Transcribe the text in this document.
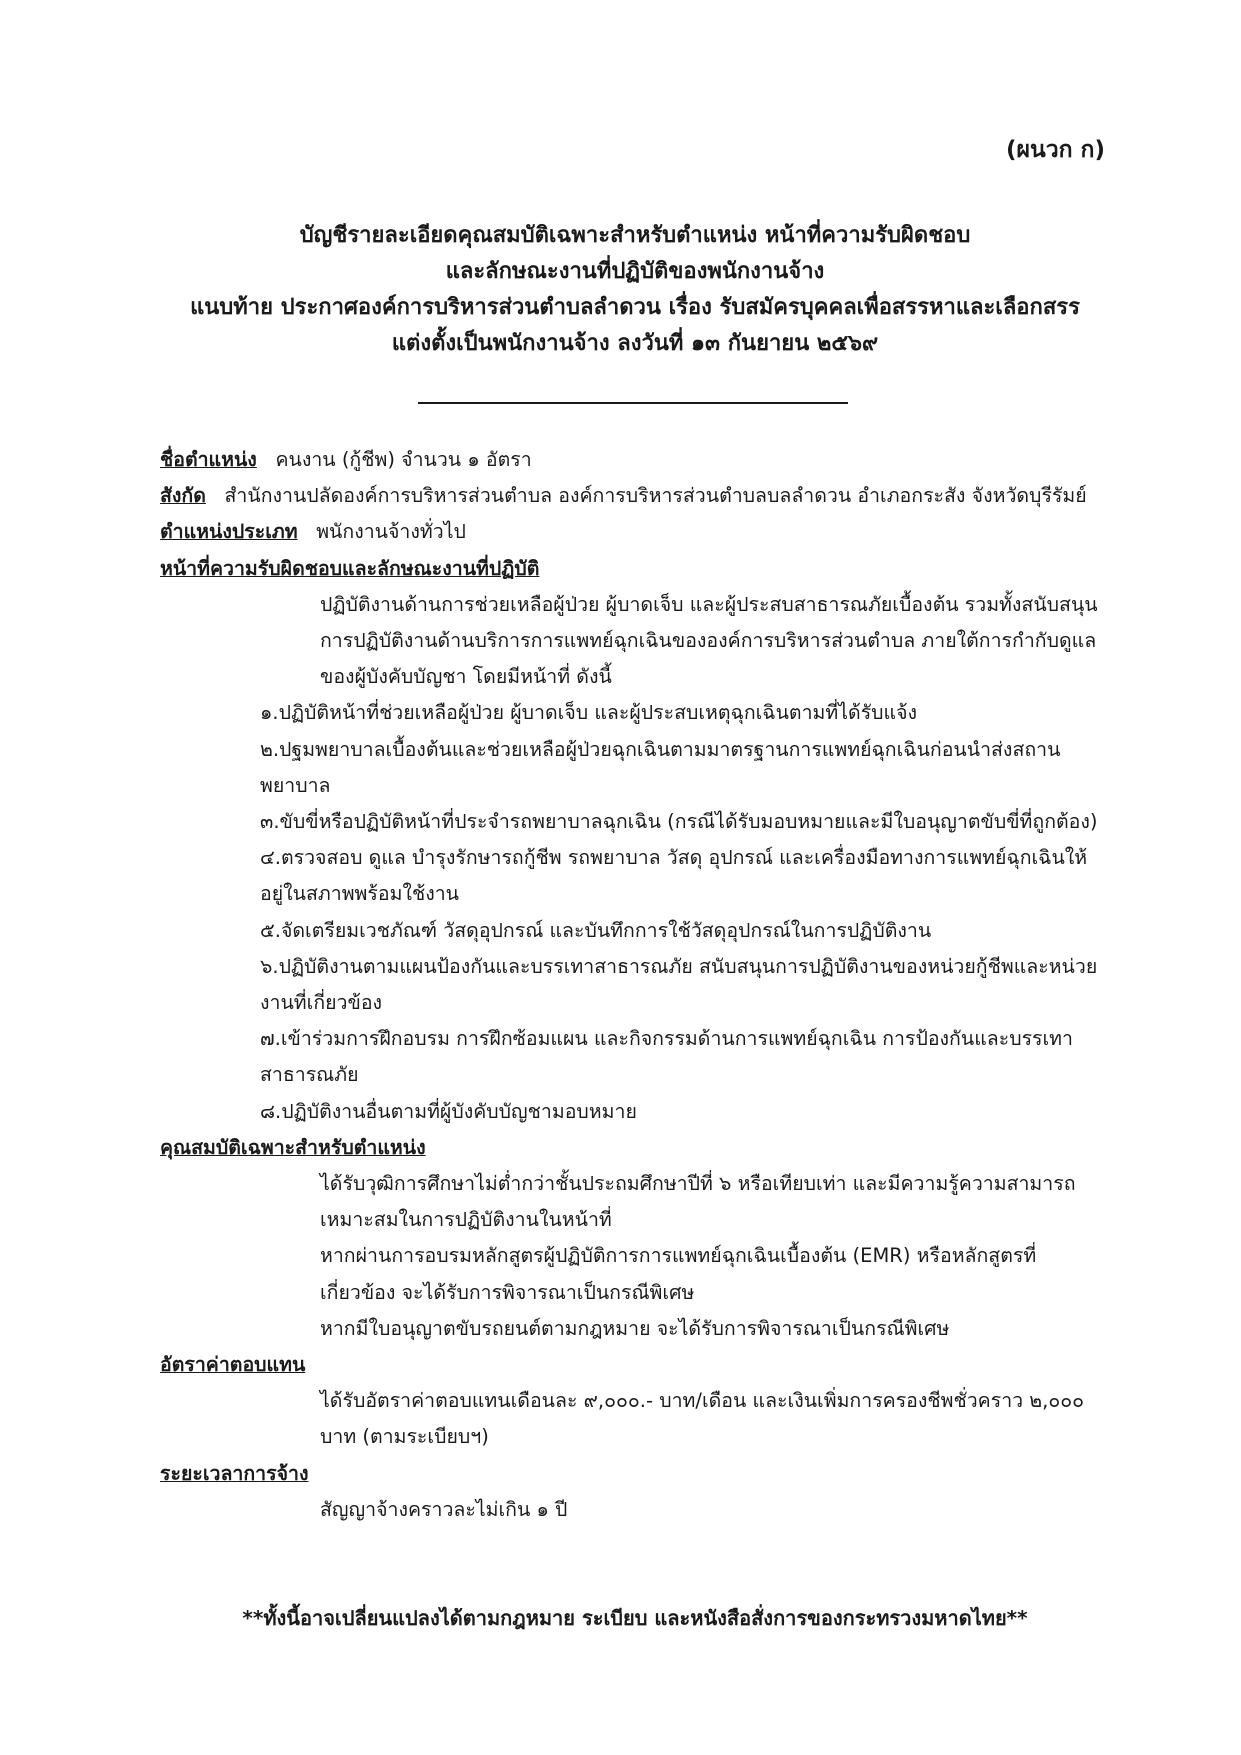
(ผนวก ก)
บัญชีรายละเอียดคุณสมบัติเฉพาะสำหรับตำแหน่ง หน้าที่ความรับผิดชอบ
และลักษณะงานที่ปฏิบัติของพนักงานจ้าง
แนบท้าย ประกาศองค์การบริหารส่วนตำบลลำดวน เรื่อง รับสมัครบุคคลเพื่อสรรหาและเลือกสรร
แต่งตั้งเป็นพนักงานจ้าง ลงวันที่ ๑๓ กันยายน ๒๕๖๙

ชื่อตำแหน่ง คนงาน (กู้ชีพ) จำนวน ๑ อัตรา

สังกัด สำนักงานปลัดองค์การบริหารส่วนตำบล องค์การบริหารส่วนตำบลบลลำดวน อำเภอกระสัง จังหวัดบุรีรัมย์

ตำแหน่งประเภท พนักงานจ้างทั่วไป

หน้าที่ความรับผิดชอบและลักษณะงานที่ปฏิบัติ

ปฏิบัติงานด้านการช่วยเหลือผู้ป่วย ผู้บาดเจ็บ และผู้ประสบสาธารณภัยเบื้องต้น รวมทั้งสนับสนุนการปฏิบัติงานด้านบริการการแพทย์ฉุกเฉินขององค์การบริหารส่วนตำบล ภายใต้การกำกับดูแลของผู้บังคับบัญชา โดยมีหน้าที่ ดังนี้

๑.ปฏิบัติหน้าที่ช่วยเหลือผู้ป่วย ผู้บาดเจ็บ และผู้ประสบเหตุฉุกเฉินตามที่ได้รับแจ้ง

๒.ปฐมพยาบาลเบื้องต้นและช่วยเหลือผู้ป่วยฉุกเฉินตามมาตรฐานการแพทย์ฉุกเฉินก่อนนำส่งสถานพยาบาล

๓.ขับขี่หรือปฏิบัติหน้าที่ประจำรถพยาบาลฉุกเฉิน (กรณีได้รับมอบหมายและมีใบอนุญาตขับขี่ที่ถูกต้อง)

๔.ตรวจสอบ ดูแล บำรุงรักษารถกู้ชีพ รถพยาบาล วัสดุ อุปกรณ์ และเครื่องมือทางการแพทย์ฉุกเฉินให้อยู่ในสภาพพร้อมใช้งาน

๕.จัดเตรียมเวชภัณฑ์ วัสดุอุปกรณ์ และบันทึกการใช้วัสดุอุปกรณ์ในการปฏิบัติงาน

๖.ปฏิบัติงานตามแผนป้องกันและบรรเทาสาธารณภัย สนับสนุนการปฏิบัติงานของหน่วยกู้ชีพและหน่วยงานที่เกี่ยวข้อง

๗.เข้าร่วมการฝึกอบรม การฝึกซ้อมแผน และกิจกรรมด้านการแพทย์ฉุกเฉิน การป้องกันและบรรเทาสาธารณภัย

๘.ปฏิบัติงานอื่นตามที่ผู้บังคับบัญชามอบหมาย

คุณสมบัติเฉพาะสำหรับตำแหน่ง

ได้รับวุฒิการศึกษาไม่ต่ำกว่าชั้นประถมศึกษาปีที่ ๖ หรือเทียบเท่า และมีความรู้ความสามารถเหมาะสมในการปฏิบัติงานในหน้าที่

หากผ่านการอบรมหลักสูตรผู้ปฏิบัติการการแพทย์ฉุกเฉินเบื้องต้น (EMR) หรือหลักสูตรที่เกี่ยวข้อง จะได้รับการพิจารณาเป็นกรณีพิเศษ

หากมีใบอนุญาตขับรถยนต์ตามกฎหมาย จะได้รับการพิจารณาเป็นกรณีพิเศษ

อัตราค่าตอบแทน

ได้รับอัตราค่าตอบแทนเดือนละ ๙,๐๐๐.- บาท/เดือน และเงินเพิ่มการครองชีพชั่วคราว ๒,๐๐๐ บาท (ตามระเบียบฯ)

ระยะเวลาการจ้าง

สัญญาจ้างคราวละไม่เกิน ๑ ปี

**ทั้งนี้อาจเปลี่ยนแปลงได้ตามกฎหมาย ระเบียบ และหนังสือสั่งการของกระทรวงมหาดไทย**
